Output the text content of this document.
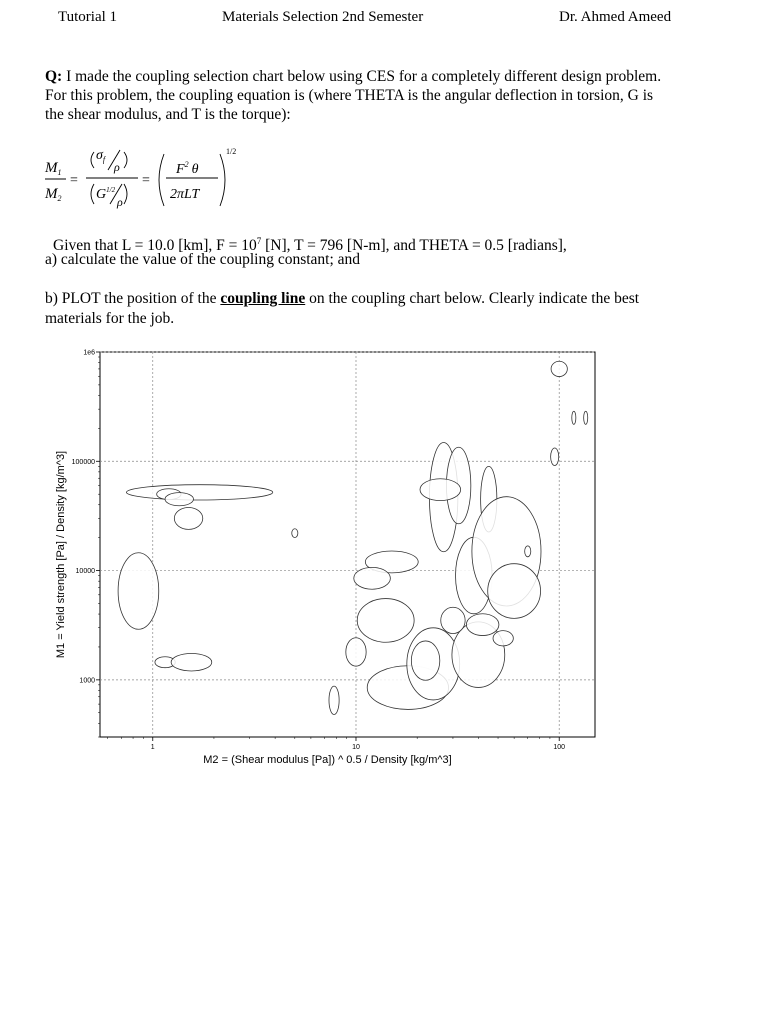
Tutorial 1	Materials Selection 2nd Semester	Dr. Ahmed Ameed
Q: I made the coupling selection chart below using CES for a completely different design problem.
For this problem, the coupling equation is (where THETA is the angular deflection in torsion, G is
the shear modulus, and T is the torque):
$M_1$
$M_2$
=
$\sigma_f$
ρ
$G^{1/2}$
ρ
=
$F^2$ θ
2πLT
1/2
Given that L = 10.0 [km], $F = 10^7$ [N], T = 796 [N-m], and THETA = 0.5 [radians],
a) calculate the value of the coupling constant; and
b) PLOT the position of the coupling line on the coupling chart below. Clearly indicate the best
materials for the job.
1	10	100
1000
10000
100000
1e6
M2 = (Shear modulus [Pa]) ^ 0.5 / Density [kg/m^3]
M1 = Yield strength [Pa] / Density [kg/m^3]
